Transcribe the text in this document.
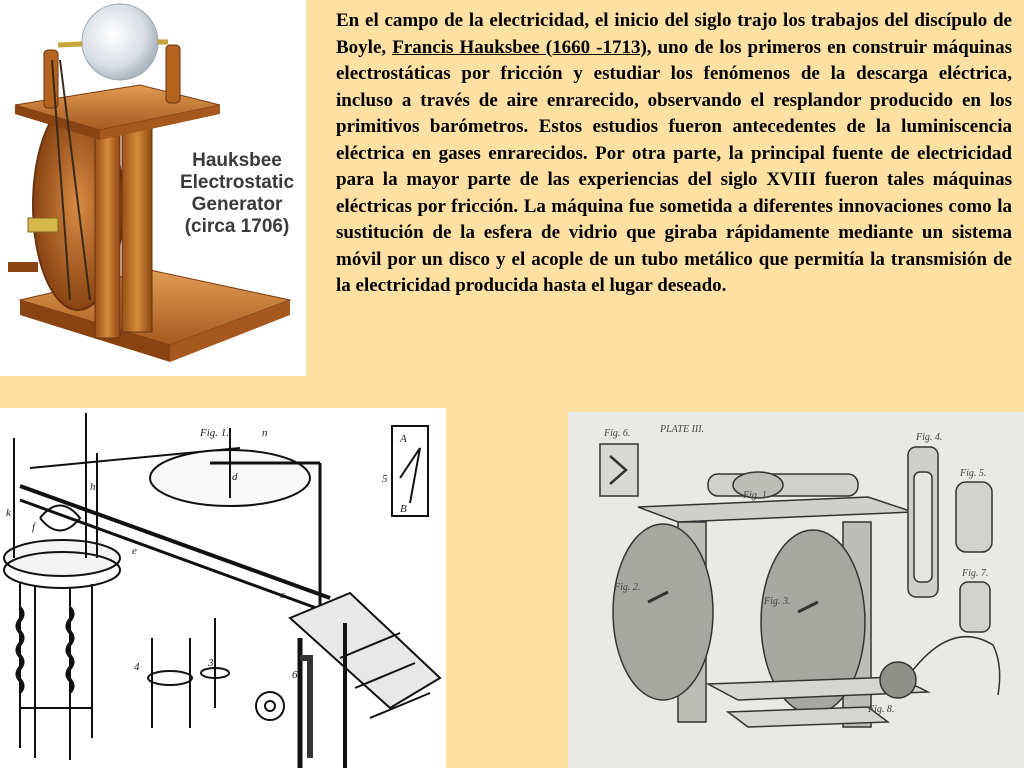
Hauksbee
Electrostatic
Generator
(circa 1706)

En el campo de la electricidad, el inicio del siglo trajo los trabajos del discípulo de Boyle, Francis Hauksbee (1660 -1713), uno de los primeros en construir máquinas electrostáticas por fricción y estudiar los fenómenos de la descarga eléctrica, incluso a través de aire enrarecido, observando el resplandor producido en los primitivos barómetros. Estos estudios fueron antecedentes de la luminiscencia eléctrica en gases enrarecidos. Por otra parte, la principal fuente de electricidad para la mayor parte de las experiencias del siglo XVIII fueron tales máquinas eléctricas por fricción. La máquina fue sometida a diferentes innovaciones como la sustitución de la esfera de vidrio que giraba rápidamente mediante un sistema móvil por un disco y el acople de un tubo metálico que permitía la transmisión de la electricidad producida hasta el lugar deseado.

Fig. 1.	n
f
d
h
k
e
c
A
B
3
4
5
6
PLATE III.
Fig. 6.
Fig. 1.
Fig. 2.
Fig. 3.
Fig. 4.
Fig. 5.
Fig. 7.
Fig. 8.
